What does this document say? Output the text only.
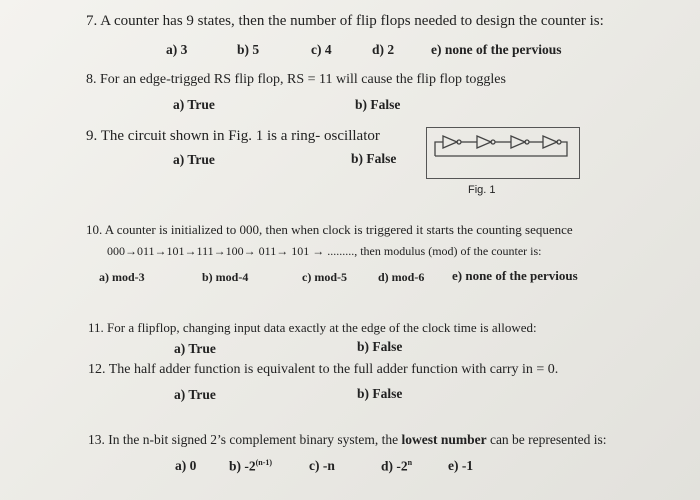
7. A counter has 9 states, then the number of flip flops needed to design the counter is:
a) 3	b) 5	c) 4	d) 2	e) none of the pervious
8. For an edge-trigged RS flip flop, RS = 11 will cause the flip flop toggles
a) True	b) False
9. The circuit shown in Fig. 1 is a ring- oscillator
a) True	b) False
Fig. 1
10. A counter is initialized to 000, then when clock is triggered it starts the counting sequence
000→011→101→111→100→ 011→ 101 → ........., then modulus (mod) of the counter is:
a) mod-3	b) mod-4	c) mod-5	d) mod-6 e) none of the pervious
11. For a flipflop, changing input data exactly at the edge of the clock time is allowed:
a) True	b) False
12. The half adder function is equivalent to the full adder function with carry in = 0.
a) True	b) False
13. In the n-bit signed 2’s complement binary system, the lowest number can be represented is:
a) 0 b) -2$^{(n-1)}$	c) -n	d) -2$^n$	e) -1
